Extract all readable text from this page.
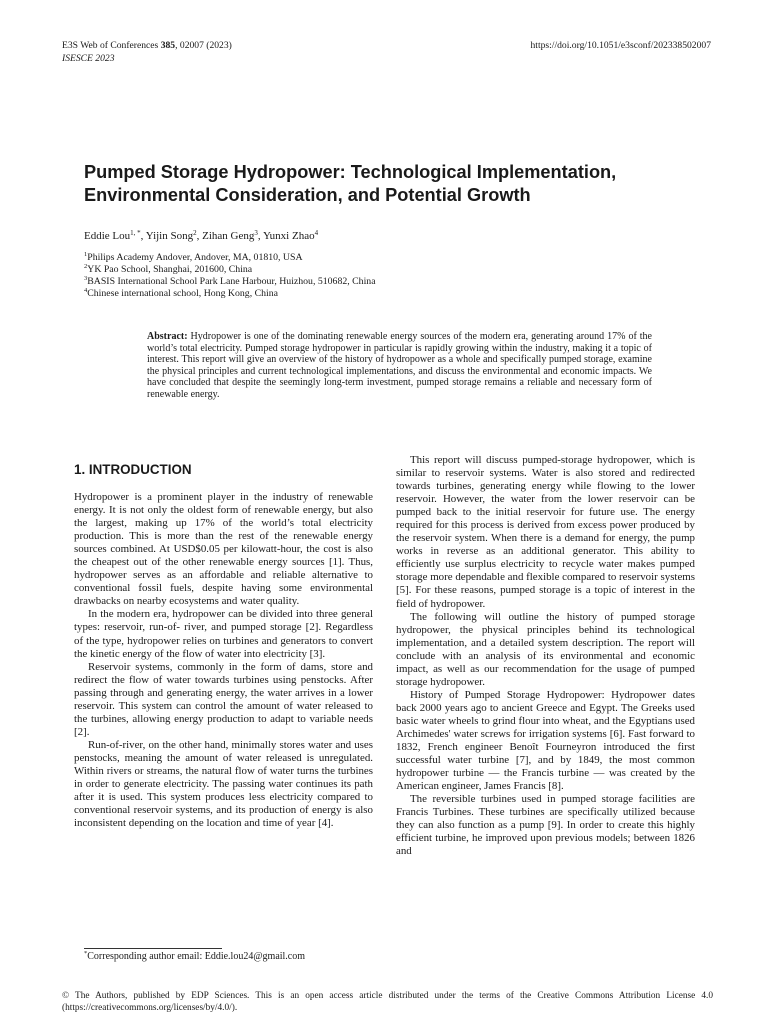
E3S Web of Conferences 385, 02007 (2023)	https://doi.org/10.1051/e3sconf/202338502007
ISESCE 2023
Pumped Storage Hydropower: Technological Implementation, Environmental Consideration, and Potential Growth
Eddie Lou$^{1, *}$, Yijin Song$^2$, Zihan Geng$^3$, Yunxi Zhao$^4$
$^1$Philips Academy Andover, Andover, MA, 01810, USA
$^2$YK Pao School, Shanghai, 201600, China
$^3$BASIS International School Park Lane Harbour, Huizhou, 510682, China
$^4$Chinese international school, Hong Kong, China

Abstract: Hydropower is one of the dominating renewable energy sources of the modern era, generating around 17% of the world’s total electricity. Pumped storage hydropower in particular is rapidly growing within the industry, making it a topic of interest. This report will give an overview of the history of hydropower as a whole and specifically pumped storage, examine the physical principles and current technological implementations, and discuss the environmental and economic impacts. We have concluded that despite the seemingly long-term investment, pumped storage remains a reliable and necessary form of renewable energy.

1. INTRODUCTION

Hydropower is a prominent player in the industry of renewable energy. It is not only the oldest form of renewable energy, but also the largest, making up 17% of the world’s total electricity production. This is more than the rest of the renewable energy sources combined. At USD$0.05 per kilowatt-hour, the cost is also the cheapest out of the other renewable energy sources [1]. Thus, hydropower serves as an affordable and reliable alternative to conventional fossil fuels, despite having some environmental drawbacks on nearby ecosystems and water quality.

In the modern era, hydropower can be divided into three general types: reservoir, run-of- river, and pumped storage [2]. Regardless of the type, hydropower relies on turbines and generators to convert the kinetic energy of the flow of water into electricity [3].

Reservoir systems, commonly in the form of dams, store and redirect the flow of water towards turbines using penstocks. After passing through and generating energy, the water arrives in a lower reservoir. This system can control the amount of water released to the turbines, allowing energy production to adapt to variable needs [2].

Run-of-river, on the other hand, minimally stores water and uses penstocks, meaning the amount of water released is unregulated. Within rivers or streams, the natural flow of water turns the turbines in order to generate electricity. The passing water continues its path after it is used. This system produces less electricity compared to conventional reservoir systems, and its production of energy is also inconsistent depending on the location and time of year [4].

This report will discuss pumped-storage hydropower, which is similar to reservoir systems. Water is also stored and redirected towards turbines, generating energy while flowing to the lower reservoir. However, the water from the lower reservoir can be pumped back to the initial reservoir for future use. The energy required for this process is derived from excess power produced by the reservoir system. When there is a demand for energy, the pump works in reverse as an additional generator. This ability to efficiently use surplus electricity to recycle water makes pumped storage more dependable and flexible compared to reservoir systems [5]. For these reasons, pumped storage is a topic of interest in the field of hydropower.

The following will outline the history of pumped storage hydropower, the physical principles behind its technological implementation, and a detailed system description. The report will conclude with an analysis of its environmental and economic impact, as well as our recommendation for the usage of pumped storage hydropower.

History of Pumped Storage Hydropower: Hydropower dates back 2000 years ago to ancient Greece and Egypt. The Greeks used basic water wheels to grind flour into wheat, and the Egyptians used Archimedes' water screws for irrigation systems [6]. Fast forward to 1832, French engineer Benoît Fourneyron introduced the first successful water turbine [7], and by 1849, the most common hydropower turbine — the Francis turbine — was created by the American engineer, James Francis [8].

The reversible turbines used in pumped storage facilities are Francis Turbines. These turbines are specifically utilized because they can also function as a pump [9]. In order to create this highly efficient turbine, he improved upon previous models; between 1826 and

*Corresponding author email: Eddie.lou24@gmail.com
© The Authors, published by EDP Sciences. This is an open access article distributed under the terms of the Creative Commons Attribution License 4.0 (https://creativecommons.org/licenses/by/4.0/).
